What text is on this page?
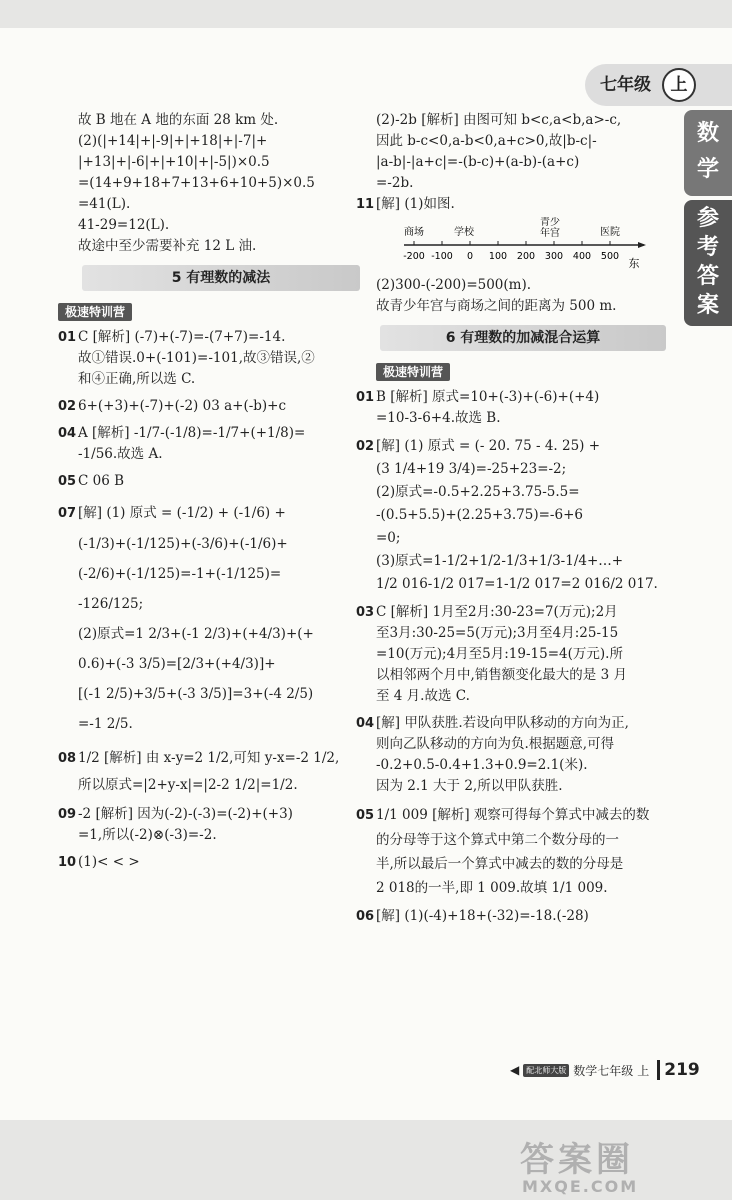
七年级	上
数
学
参
考
答
案
故 B 地在 A 地的东面 28 km 处.
(2)(|+14|+|-9|+|+18|+|-7|+
|+13|+|-6|+|+10|+|-5|)×0.5
=(14+9+18+7+13+6+10+5)×0.5
=41(L).
41-29=12(L).
故途中至少需要补充 12 L 油.
5 有理数的减法
极速特训营
01 C [解析] (-7)+(-7)=-(7+7)=-14.
故①错误.0+(-101)=-101,故③错误,②
和④正确,所以选 C.
02 6+(+3)+(-7)+(-2) 03 a+(-b)+c
04 A [解析] -1/7-(-1/8)=-1/7+(+1/8)=
-1/56.故选 A.
05 C 06 B
07 [解] (1) 原式 = (-1/2) + (-1/6) +
(-1/3)+(-1/125)+(-3/6)+(-1/6)+
(-2/6)+(-1/125)=-1+(-1/125)=
-126/125;
(2)原式=1 2/3+(-1 2/3)+(+4/3)+(+
0.6)+(-3 3/5)=[2/3+(+4/3)]+
[(-1 2/5)+3/5+(-3 3/5)]=3+(-4 2/5)
=-1 2/5.
08 1/2 [解析] 由 x-y=2 1/2,可知 y-x=-2 1/2,
所以原式=|2+y-x|=|2-2 1/2|=1/2.
09 -2 [解析] 因为(-2)-(-3)=(-2)+(+3)
=1,所以(-2)⊗(-3)=-2.
10 (1)< < >
(2)-2b [解析] 由图可知 b<c,a<b,a>-c,
因此 b-c<0,a-b<0,a+c>0,故|b-c|-
|a-b|-|a+c|=-(b-c)+(a-b)-(a+c)
=-2b.
11 [解] (1)如图.
商场	学校
青少
年宫	医院
-200 -100 0 100 200 300 400 500
东
(2)300-(-200)=500(m).
故青少年宫与商场之间的距离为 500 m.
6 有理数的加减混合运算
极速特训营
01 B [解析] 原式=10+(-3)+(-6)+(+4)
=10-3-6+4.故选 B.
02 [解] (1) 原式 = (- 20. 75 - 4. 25) +
(3 1/4+19 3/4)=-25+23=-2;
(2)原式=-0.5+2.25+3.75-5.5=
-(0.5+5.5)+(2.25+3.75)=-6+6
=0;
(3)原式=1-1/2+1/2-1/3+1/3-1/4+…+
1/2 016-1/2 017=1-1/2 017=2 016/2 017.
03 C [解析] 1月至2月:30-23=7(万元);2月
至3月:30-25=5(万元);3月至4月:25-15
=10(万元);4月至5月:19-15=4(万元).所
以相邻两个月中,销售额变化最大的是 3 月
至 4 月.故选 C.
04 [解] 甲队获胜.若设向甲队移动的方向为正,
则向乙队移动的方向为负.根据题意,可得
-0.2+0.5-0.4+1.3+0.9=2.1(米).
因为 2.1 大于 2,所以甲队获胜.
05 1/1 009 [解析] 观察可得每个算式中减去的数
的分母等于这个算式中第二个数分母的一
半,所以最后一个算式中减去的数的分母是
2 018的一半,即 1 009.故填 1/1 009.
06 [解] (1)(-4)+18+(-32)=-18.(-28)
◀ 配北师大版 数学七年级 上 219
答案圈
MXQE.COM
